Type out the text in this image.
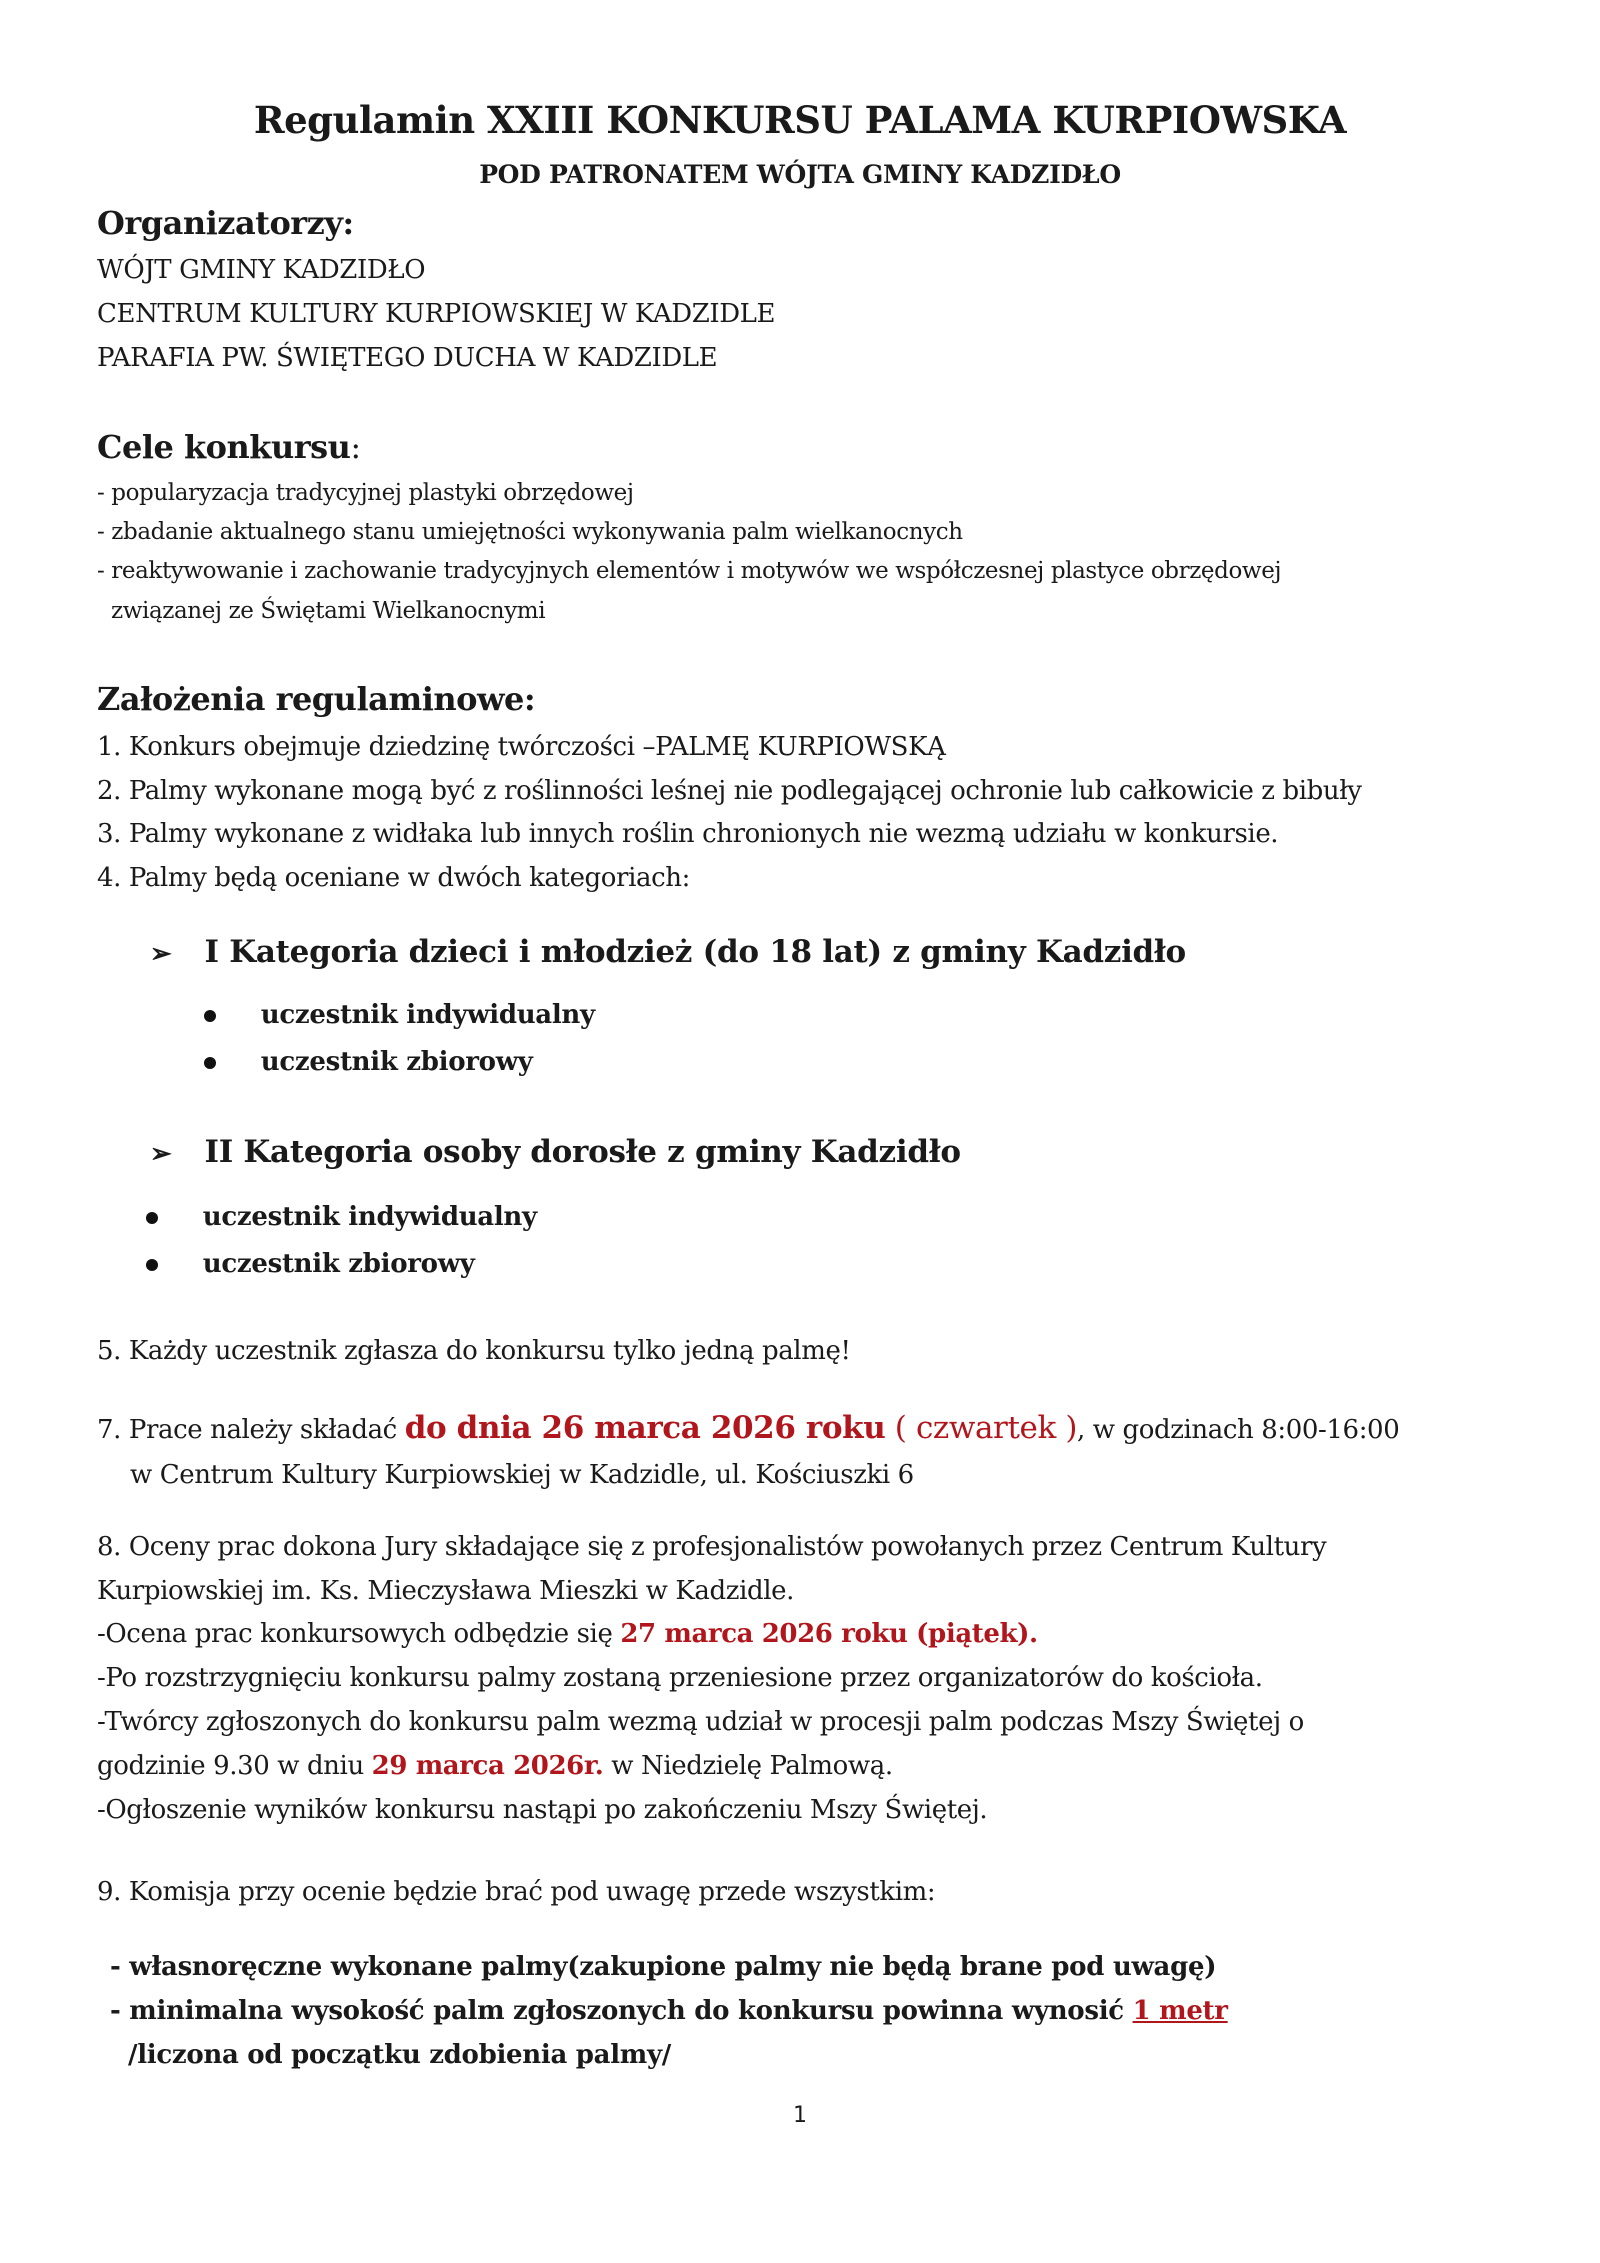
Regulamin XXIII KONKURSU PALAMA KURPIOWSKA
POD PATRONATEM WÓJTA GMINY KADZIDŁO
Organizatorzy:
WÓJT GMINY KADZIDŁO
CENTRUM KULTURY KURPIOWSKIEJ W KADZIDLE
PARAFIA PW. ŚWIĘTEGO DUCHA W KADZIDLE
Cele konkursu:
- popularyzacja tradycyjnej plastyki obrzędowej
- zbadanie aktualnego stanu umiejętności wykonywania palm wielkanocnych
- reaktywowanie i zachowanie tradycyjnych elementów i motywów we współczesnej plastyce obrzędowej
związanej ze Świętami Wielkanocnymi
Założenia regulaminowe:
1. Konkurs obejmuje dziedzinę twórczości –PALMĘ KURPIOWSKĄ
2. Palmy wykonane mogą być z roślinności leśnej nie podlegającej ochronie lub całkowicie z bibuły
3. Palmy wykonane z widłaka lub innych roślin chronionych nie wezmą udziału w konkursie.
4. Palmy będą oceniane w dwóch kategoriach:
➢ I Kategoria dzieci i młodzież (do 18 lat) z gminy Kadzidło
uczestnik indywidualny
uczestnik zbiorowy
➢ II Kategoria osoby dorosłe z gminy Kadzidło
uczestnik indywidualny
uczestnik zbiorowy
5. Każdy uczestnik zgłasza do konkursu tylko jedną palmę!
7. Prace należy składać do dnia 26 marca 2026 roku ( czwartek ), w godzinach 8:00-16:00
w Centrum Kultury Kurpiowskiej w Kadzidle, ul. Kościuszki 6
8. Oceny prac dokona Jury składające się z profesjonalistów powołanych przez Centrum Kultury
Kurpiowskiej im. Ks. Mieczysława Mieszki w Kadzidle.
-Ocena prac konkursowych odbędzie się 27 marca 2026 roku (piątek).
-Po rozstrzygnięciu konkursu palmy zostaną przeniesione przez organizatorów do kościoła.
-Twórcy zgłoszonych do konkursu palm wezmą udział w procesji palm podczas Mszy Świętej o
godzinie 9.30 w dniu 29 marca 2026r. w Niedzielę Palmową.
-Ogłoszenie wyników konkursu nastąpi po zakończeniu Mszy Świętej.
9. Komisja przy ocenie będzie brać pod uwagę przede wszystkim:
- własnoręczne wykonane palmy(zakupione palmy nie będą brane pod uwagę)
- minimalna wysokość palm zgłoszonych do konkursu powinna wynosić 1 metr
/liczona od początku zdobienia palmy/
1
